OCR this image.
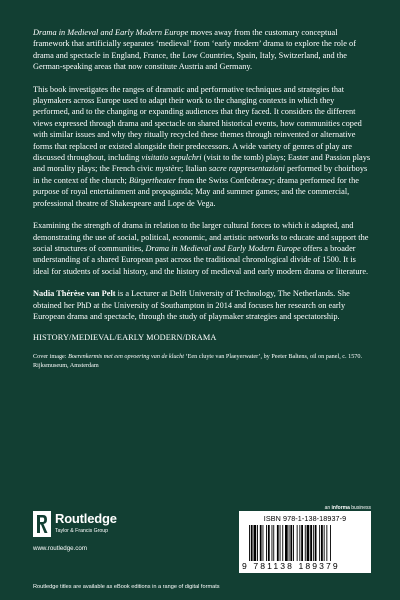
Drama in Medieval and Early Modern Europe moves away from the customary conceptual framework that artificially separates ‘medieval’ from ‘early modern’ drama to explore the role of drama and spectacle in England, France, the Low Countries, Spain, Italy, Switzerland, and the German-speaking areas that now constitute Austria and Germany.

This book investigates the ranges of dramatic and performative techniques and strategies that playmakers across Europe used to adapt their work to the changing contexts in which they performed, and to the changing or expanding audiences that they faced. It considers the different views expressed through drama and spectacle on shared historical events, how communities coped with similar issues and why they ritually recycled these themes through reinvented or alternative forms that replaced or existed alongside their predecessors. A wide variety of genres of play are discussed throughout, including visitatio sepulchri (visit to the tomb) plays; Easter and Passion plays and morality plays; the French civic mystère; Italian sacre rappresentazioni performed by choirboys in the context of the church; Bürgertheater from the Swiss Confederacy; drama performed for the purpose of royal entertainment and propaganda; May and summer games; and the commercial, professional theatre of Shakespeare and Lope de Vega.

Examining the strength of drama in relation to the larger cultural forces to which it adapted, and demonstrating the use of social, political, economic, and artistic networks to educate and support the social structures of communities, Drama in Medieval and Early Modern Europe offers a broader understanding of a shared European past across the traditional chronological divide of 1500. It is ideal for students of social history, and the history of medieval and early modern drama or literature.

Nadia Thérèse van Pelt is a Lecturer at Delft University of Technology, The Netherlands. She obtained her PhD at the University of Southampton in 2014 and focuses her research on early European drama and spectacle, through the study of playmaker strategies and spectatorship.

HISTORY/MEDIEVAL/EARLY MODERN/DRAMA

Cover image: Boerenkermis met een opvoering van de klucht ‘Een cluyte van Plaeyerwater’, by Peeter Baltens, oil on panel, c. 1570. Rijksmuseum, Amsterdam

Routledge
Taylor & Francis Group
www.routledge.com
an informa business
ISBN 978-1-138-18937-9
9 781138 189379
Routledge titles are available as eBook editions in a range of digital formats
